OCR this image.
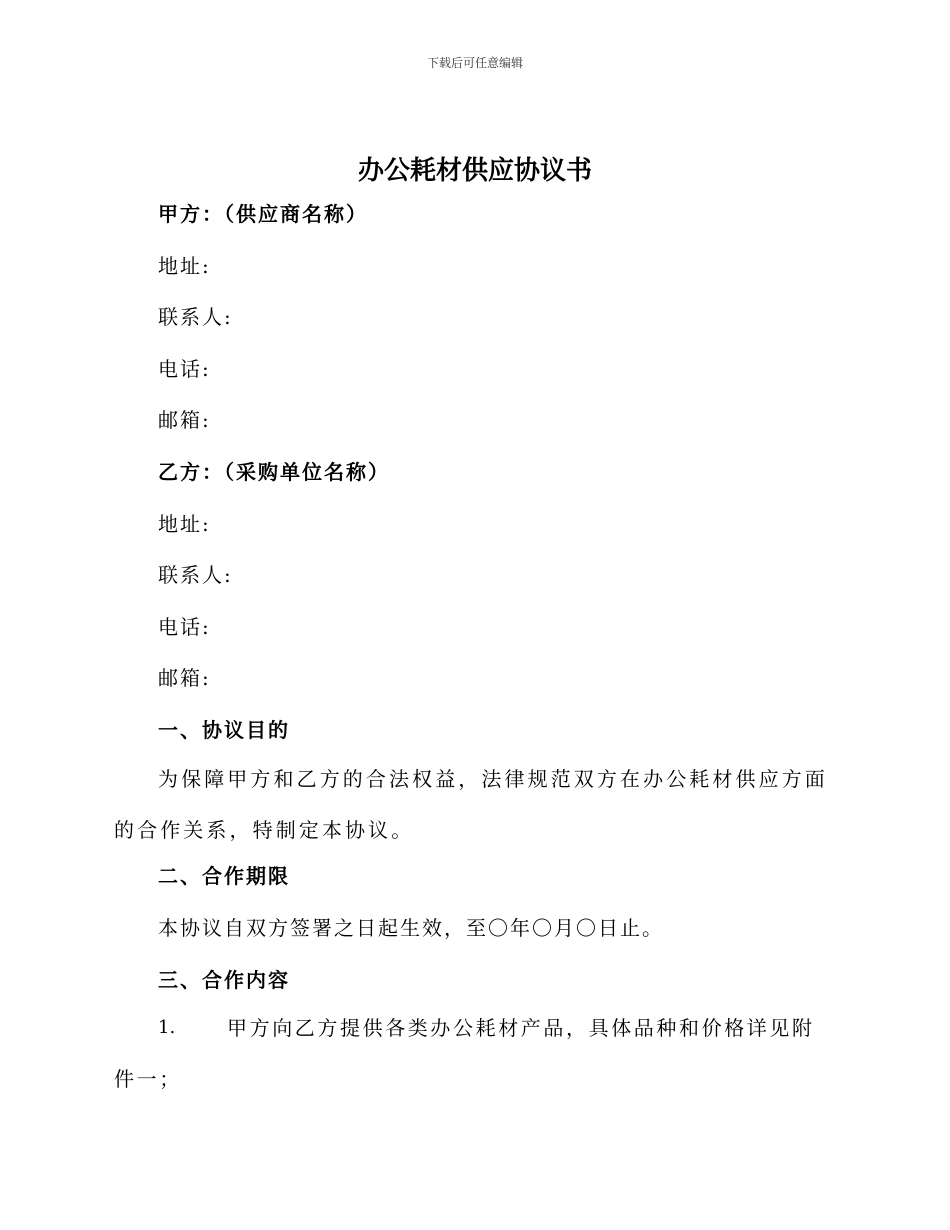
下载后可任意编辑
办公耗材供应协议书
甲方：（供应商名称）
地址:
联系人:
电话:
邮箱:
乙方：（采购单位名称）
地址:
联系人:
电话:
邮箱:
一、协议目的
为保障甲方和乙方的合法权益，法律规范双方在办公耗材供应方面的合作关系，特制定本协议。
二、合作期限
本协议自双方签署之日起生效，至〇年〇月〇日止。
三、合作内容
1.	甲方向乙方提供各类办公耗材产品，具体品种和价格详见附件一；
